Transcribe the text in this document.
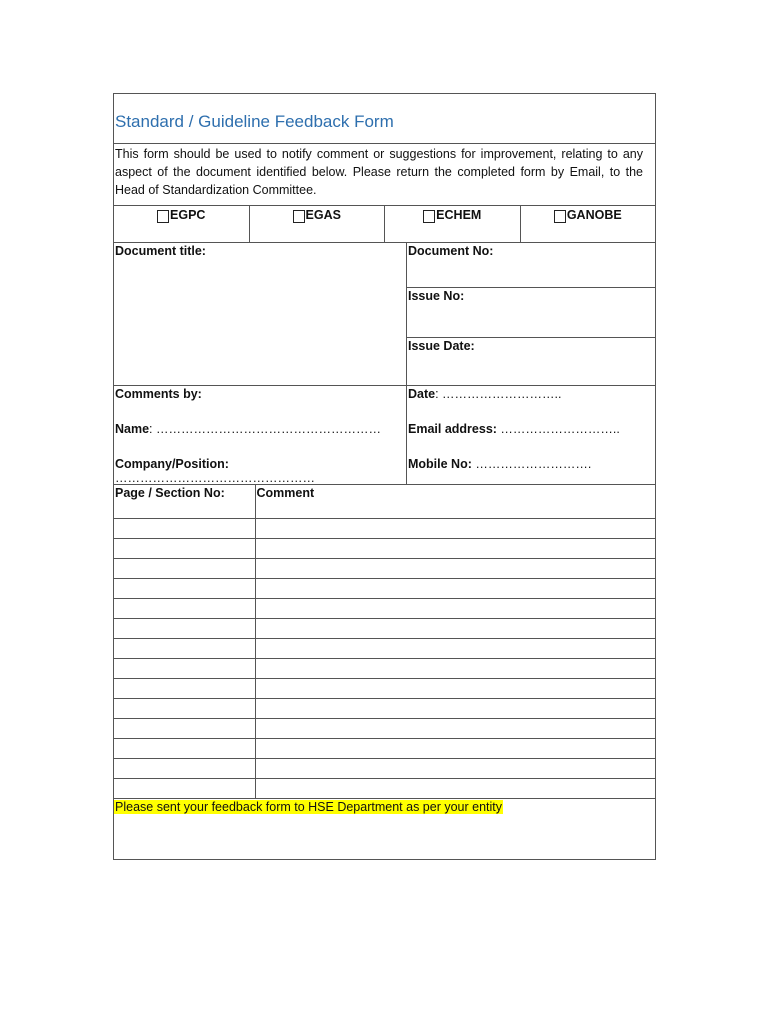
Standard / Guideline Feedback Form
This form should be used to notify comment or suggestions for improvement, relating to any aspect of the document identified below. Please return the completed form by Email, to the Head of Standardization Committee.
EGPC	EGAS	ECHEM	GANOBE
Document title:	Document No:
Issue No:
Issue Date:
Comments by:
Name: ………………………………………………
Company/Position: …………………………………………
Date: ………………………..
Email address: ………………………..
Mobile No: ……………………….
Page / Section No:	Comment

Please sent your feedback form to HSE Department as per your entity
